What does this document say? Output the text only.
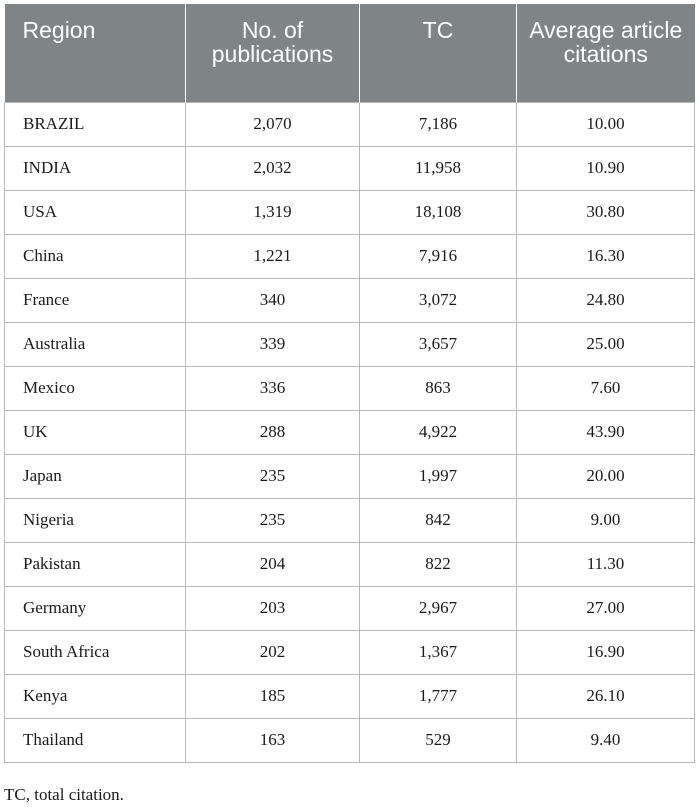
Region	No. of publications	TC	Average article citations

BRAZIL	2,070	7,186	10.00
INDIA	2,032	11,958	10.90
USA	1,319	18,108	30.80
China	1,221	7,916	16.30
France	340	3,072	24.80
Australia	339	3,657	25.00
Mexico	336	863	7.60
UK	288	4,922	43.90
Japan	235	1,997	20.00
Nigeria	235	842	9.00
Pakistan	204	822	11.30
Germany	203	2,967	27.00
South Africa	202	1,367	16.90
Kenya	185	1,777	26.10
Thailand	163	529	9.40
TC, total citation.
